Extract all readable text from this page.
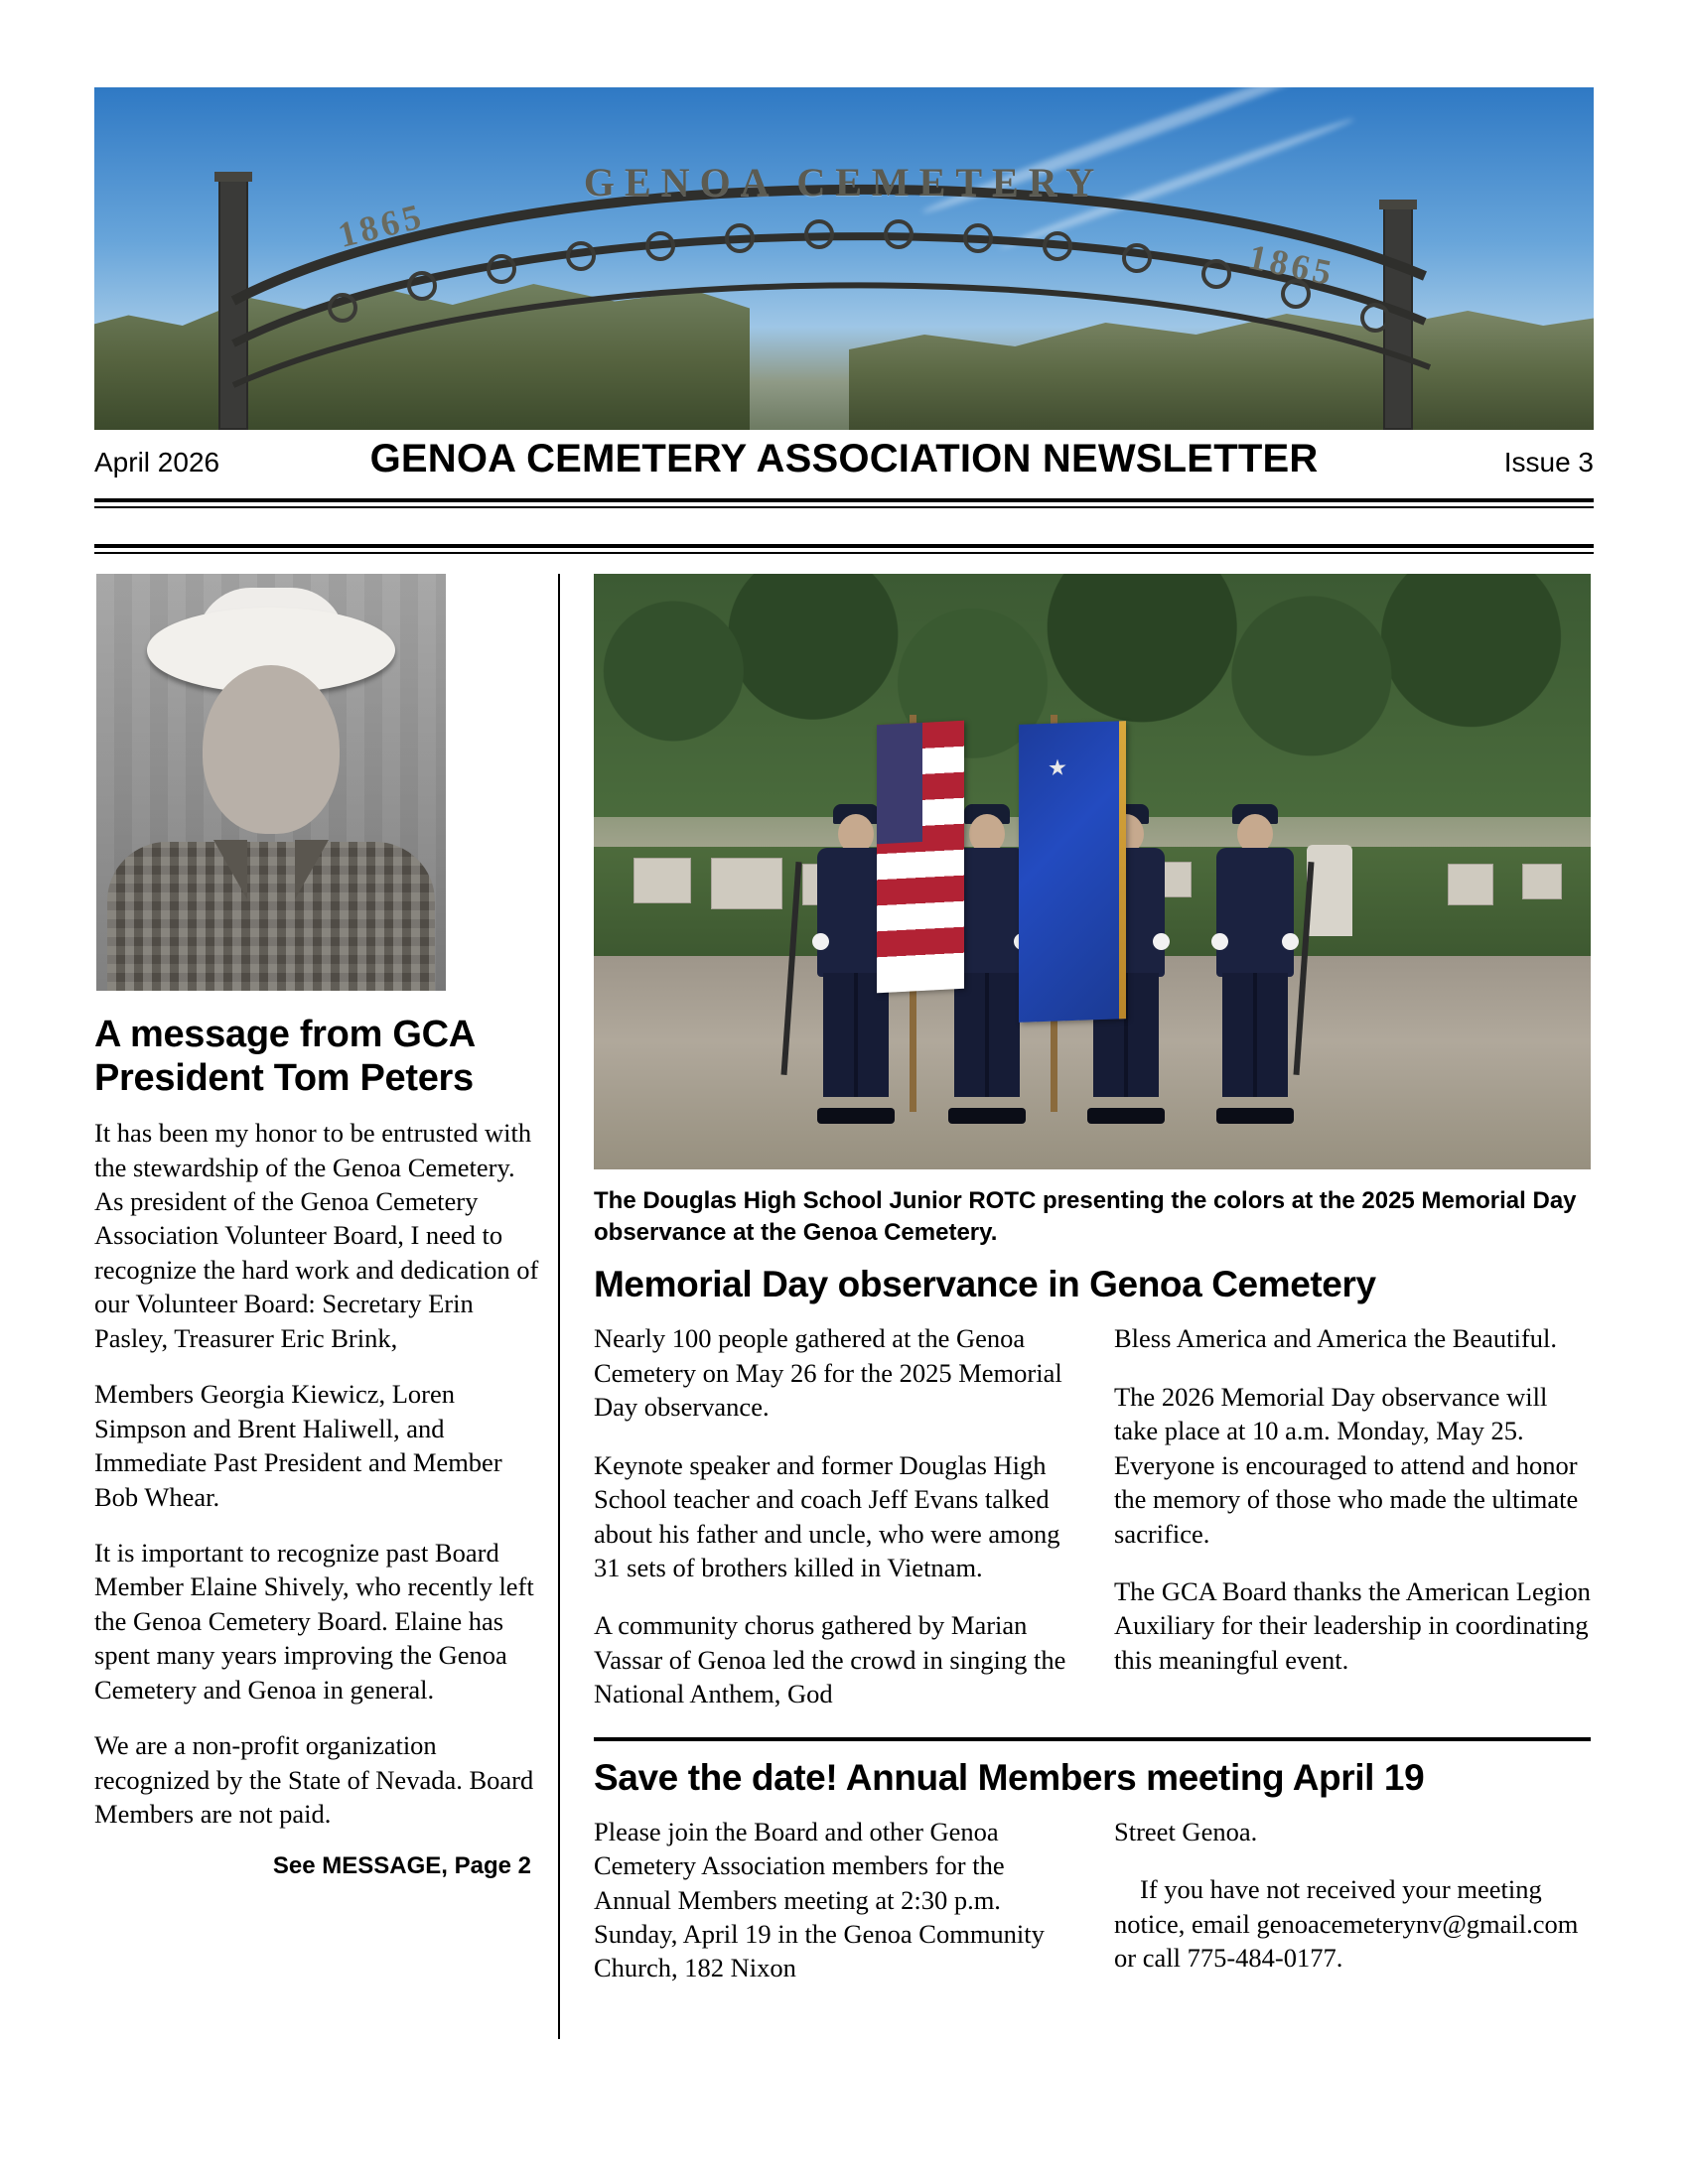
GENOA CEMETERY
1865
1865
April 2026	GENOA CEMETERY ASSOCIATION NEWSLETTER	Issue 3
A message from GCA President Tom Peters

It has been my honor to be entrusted with the stewardship of the Genoa Cemetery. As president of the Genoa Cemetery Association Volunteer Board, I need to recognize the hard work and dedication of our Volunteer Board: Secretary Erin Pasley, Treasurer Eric Brink,

Members Georgia Kiewicz, Loren Simpson and Brent Haliwell, and Immediate Past President and Member Bob Whear.

It is important to recognize past Board Member Elaine Shively, who recently left the Genoa Cemetery Board. Elaine has spent many years improving the Genoa Cemetery and Genoa in general.

We are a non-profit organization recognized by the State of Nevada. Board Members are not paid.

See MESSAGE, Page 2
The Douglas High School Junior ROTC presenting the colors at the 2025 Memorial Day observance at the Genoa Cemetery.
Memorial Day observance in Genoa Cemetery

Nearly 100 people gathered at the Genoa Cemetery on May 26 for the 2025 Memorial Day observance.

Keynote speaker and former Douglas High School teacher and coach Jeff Evans talked about his father and uncle, who were among 31 sets of brothers killed in Vietnam.

A community chorus gathered by Marian Vassar of Genoa led the crowd in singing the National Anthem, God

Bless America and America the Beautiful.

The 2026 Memorial Day observance will take place at 10 a.m. Monday, May 25. Everyone is encouraged to attend and honor the memory of those who made the ultimate sacrifice.

The GCA Board thanks the American Legion Auxiliary for their leadership in coordinating this meaningful event.

Save the date! Annual Members meeting April 19

Please join the Board and other Genoa Cemetery Association members for the Annual Members meeting at 2:30 p.m. Sunday, April 19 in the Genoa Community Church, 182 Nixon

Street Genoa.

If you have not received your meeting notice, email genoacemeterynv@gmail.com or call 775-484-0177.
